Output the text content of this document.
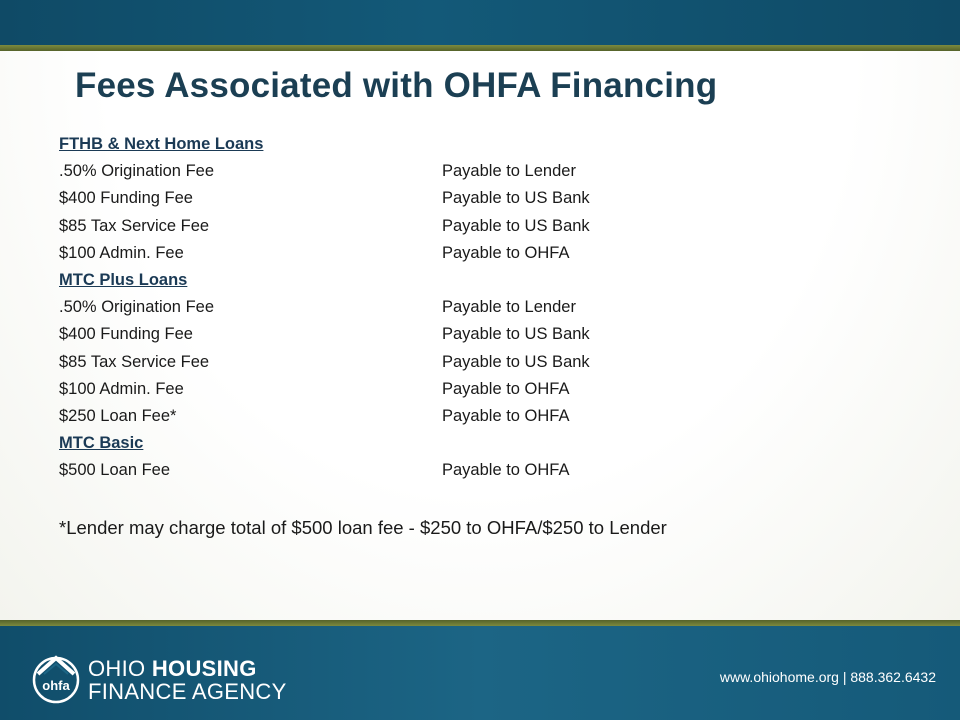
Fees Associated with OHFA Financing
FTHB & Next Home Loans	
.50% Origination Fee	Payable to Lender
$400 Funding Fee	Payable to US Bank
$85 Tax Service Fee	Payable to US Bank
$100 Admin. Fee	Payable to OHFA
MTC Plus Loans	
.50% Origination Fee	Payable to Lender
$400 Funding Fee	Payable to US Bank
$85 Tax Service Fee	Payable to US Bank
$100 Admin. Fee	Payable to OHFA
$250 Loan Fee*	Payable to OHFA
MTC Basic	
$500 Loan Fee	Payable to OHFA

*Lender may charge total of $500 loan fee - $250 to OHFA/$250 to Lender

ohfa
OHIO HOUSING
FINANCE AGENCY
www.ohiohome.org | 888.362.6432
